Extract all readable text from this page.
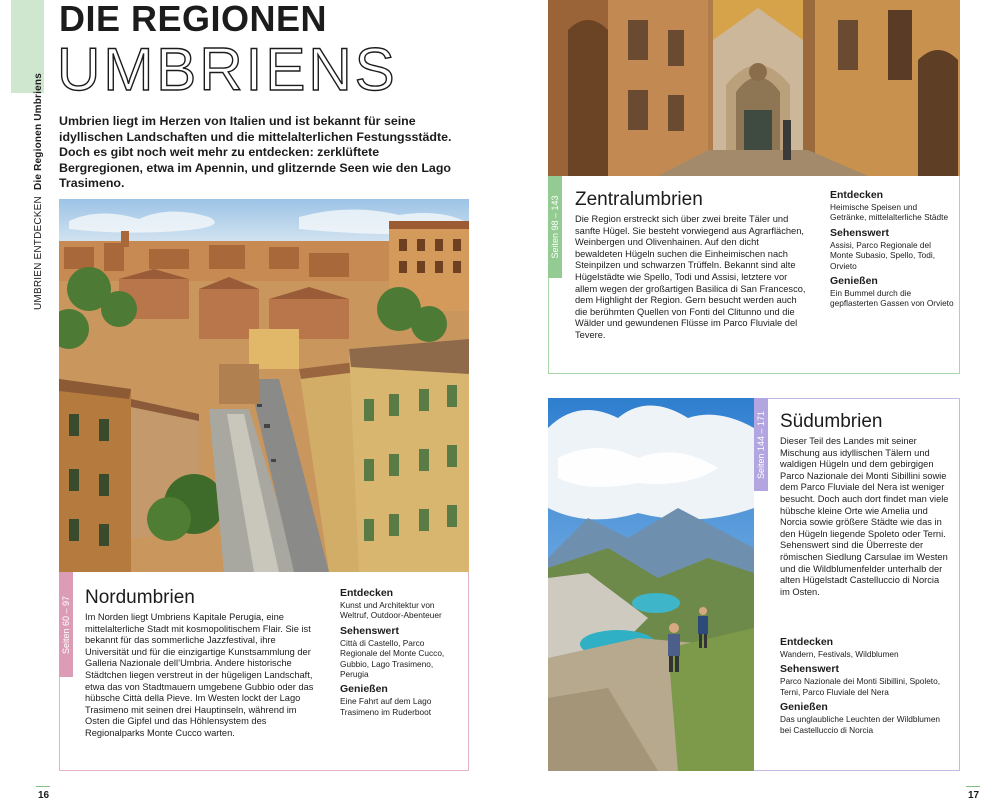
UMBRIEN ENTDECKEN Die Regionen Umbriens
DIE REGIONEN
UMBRIENS
Umbrien liegt im Herzen von Italien und ist bekannt für seine idyllischen Landschaften und die mittelalterlichen Festungsstädte. Doch es gibt noch weit mehr zu entdecken: zerklüftete Bergregionen, etwa im Apennin, und glitzernde Seen wie den Lago Trasimeno.
Seiten 60 – 97 Nordumbrien
Im Norden liegt Umbriens Kapitale Perugia, eine mittelalterliche Stadt mit kosmopolitischem Flair. Sie ist bekannt für das sommerliche Jazzfestival, ihre Universität und für die einzigartige Kunstsammlung der Galleria Nazionale dell’Umbria. Andere historische Städtchen liegen verstreut in der hügeligen Landschaft, etwa das von Stadtmauern umgebene Gubbio oder das hübsche Città della Pieve. Im Westen lockt der Lago Trasimeno mit seinen drei Hauptinseln, während im Osten die Gipfel und das Höhlensystem des Regionalparks Monte Cucco warten.
Entdecken
Kunst und Architektur von Weltruf, Outdoor-Abenteuer
Sehenswert
Città di Castello, Parco Regionale del Monte Cucco, Gubbio, Lago Trasimeno, Perugia
Genießen
Eine Fahrt auf dem Lago Trasimeno im Ruderboot
16
Seiten 98 – 143 Zentralumbrien
Die Region erstreckt sich über zwei breite Täler und sanfte Hügel. Sie besteht vorwiegend aus Agrarflächen, Weinbergen und Olivenhainen. Auf den dicht bewaldeten Hügeln suchen die Einheimischen nach Steinpilzen und schwarzen Trüffeln. Bekannt sind alte Hügelstädte wie Spello, Todi und Assisi, letztere vor allem wegen der großartigen Basilica di San Francesco, dem Highlight der Region. Gern besucht werden auch die berühmten Quellen von Fonti del Clitunno und die Wälder und gewundenen Flüsse im Parco Fluviale del Tevere.
Entdecken
Heimische Speisen und Getränke, mittelalterliche Städte
Sehenswert
Assisi, Parco Regionale del Monte Subasio, Spello, Todi, Orvieto
Genießen
Ein Bummel durch die gepflasterten Gassen von Orvieto
Seiten 144 – 171 Südumbrien
Dieser Teil des Landes mit seiner Mischung aus idyllischen Tälern und waldigen Hügeln und dem gebirgigen Parco Nazionale dei Monti Sibillini sowie dem Parco Fluviale del Nera ist weniger besucht. Doch auch dort findet man viele hübsche kleine Orte wie Amelia und Norcia sowie größere Städte wie das in den Hügeln liegende Spoleto oder Terni. Sehenswert sind die Überreste der römischen Siedlung Carsulae im Westen und die Wildblumenfelder unterhalb der alten Hügelstadt Castelluccio di Norcia im Osten.
Entdecken
Wandern, Festivals, Wildblumen
Sehenswert
Parco Nazionale dei Monti Sibillini, Spoleto, Terni, Parco Fluviale del Nera
Genießen
Das unglaubliche Leuchten der Wildblumen bei Castelluccio di Norcia
17
